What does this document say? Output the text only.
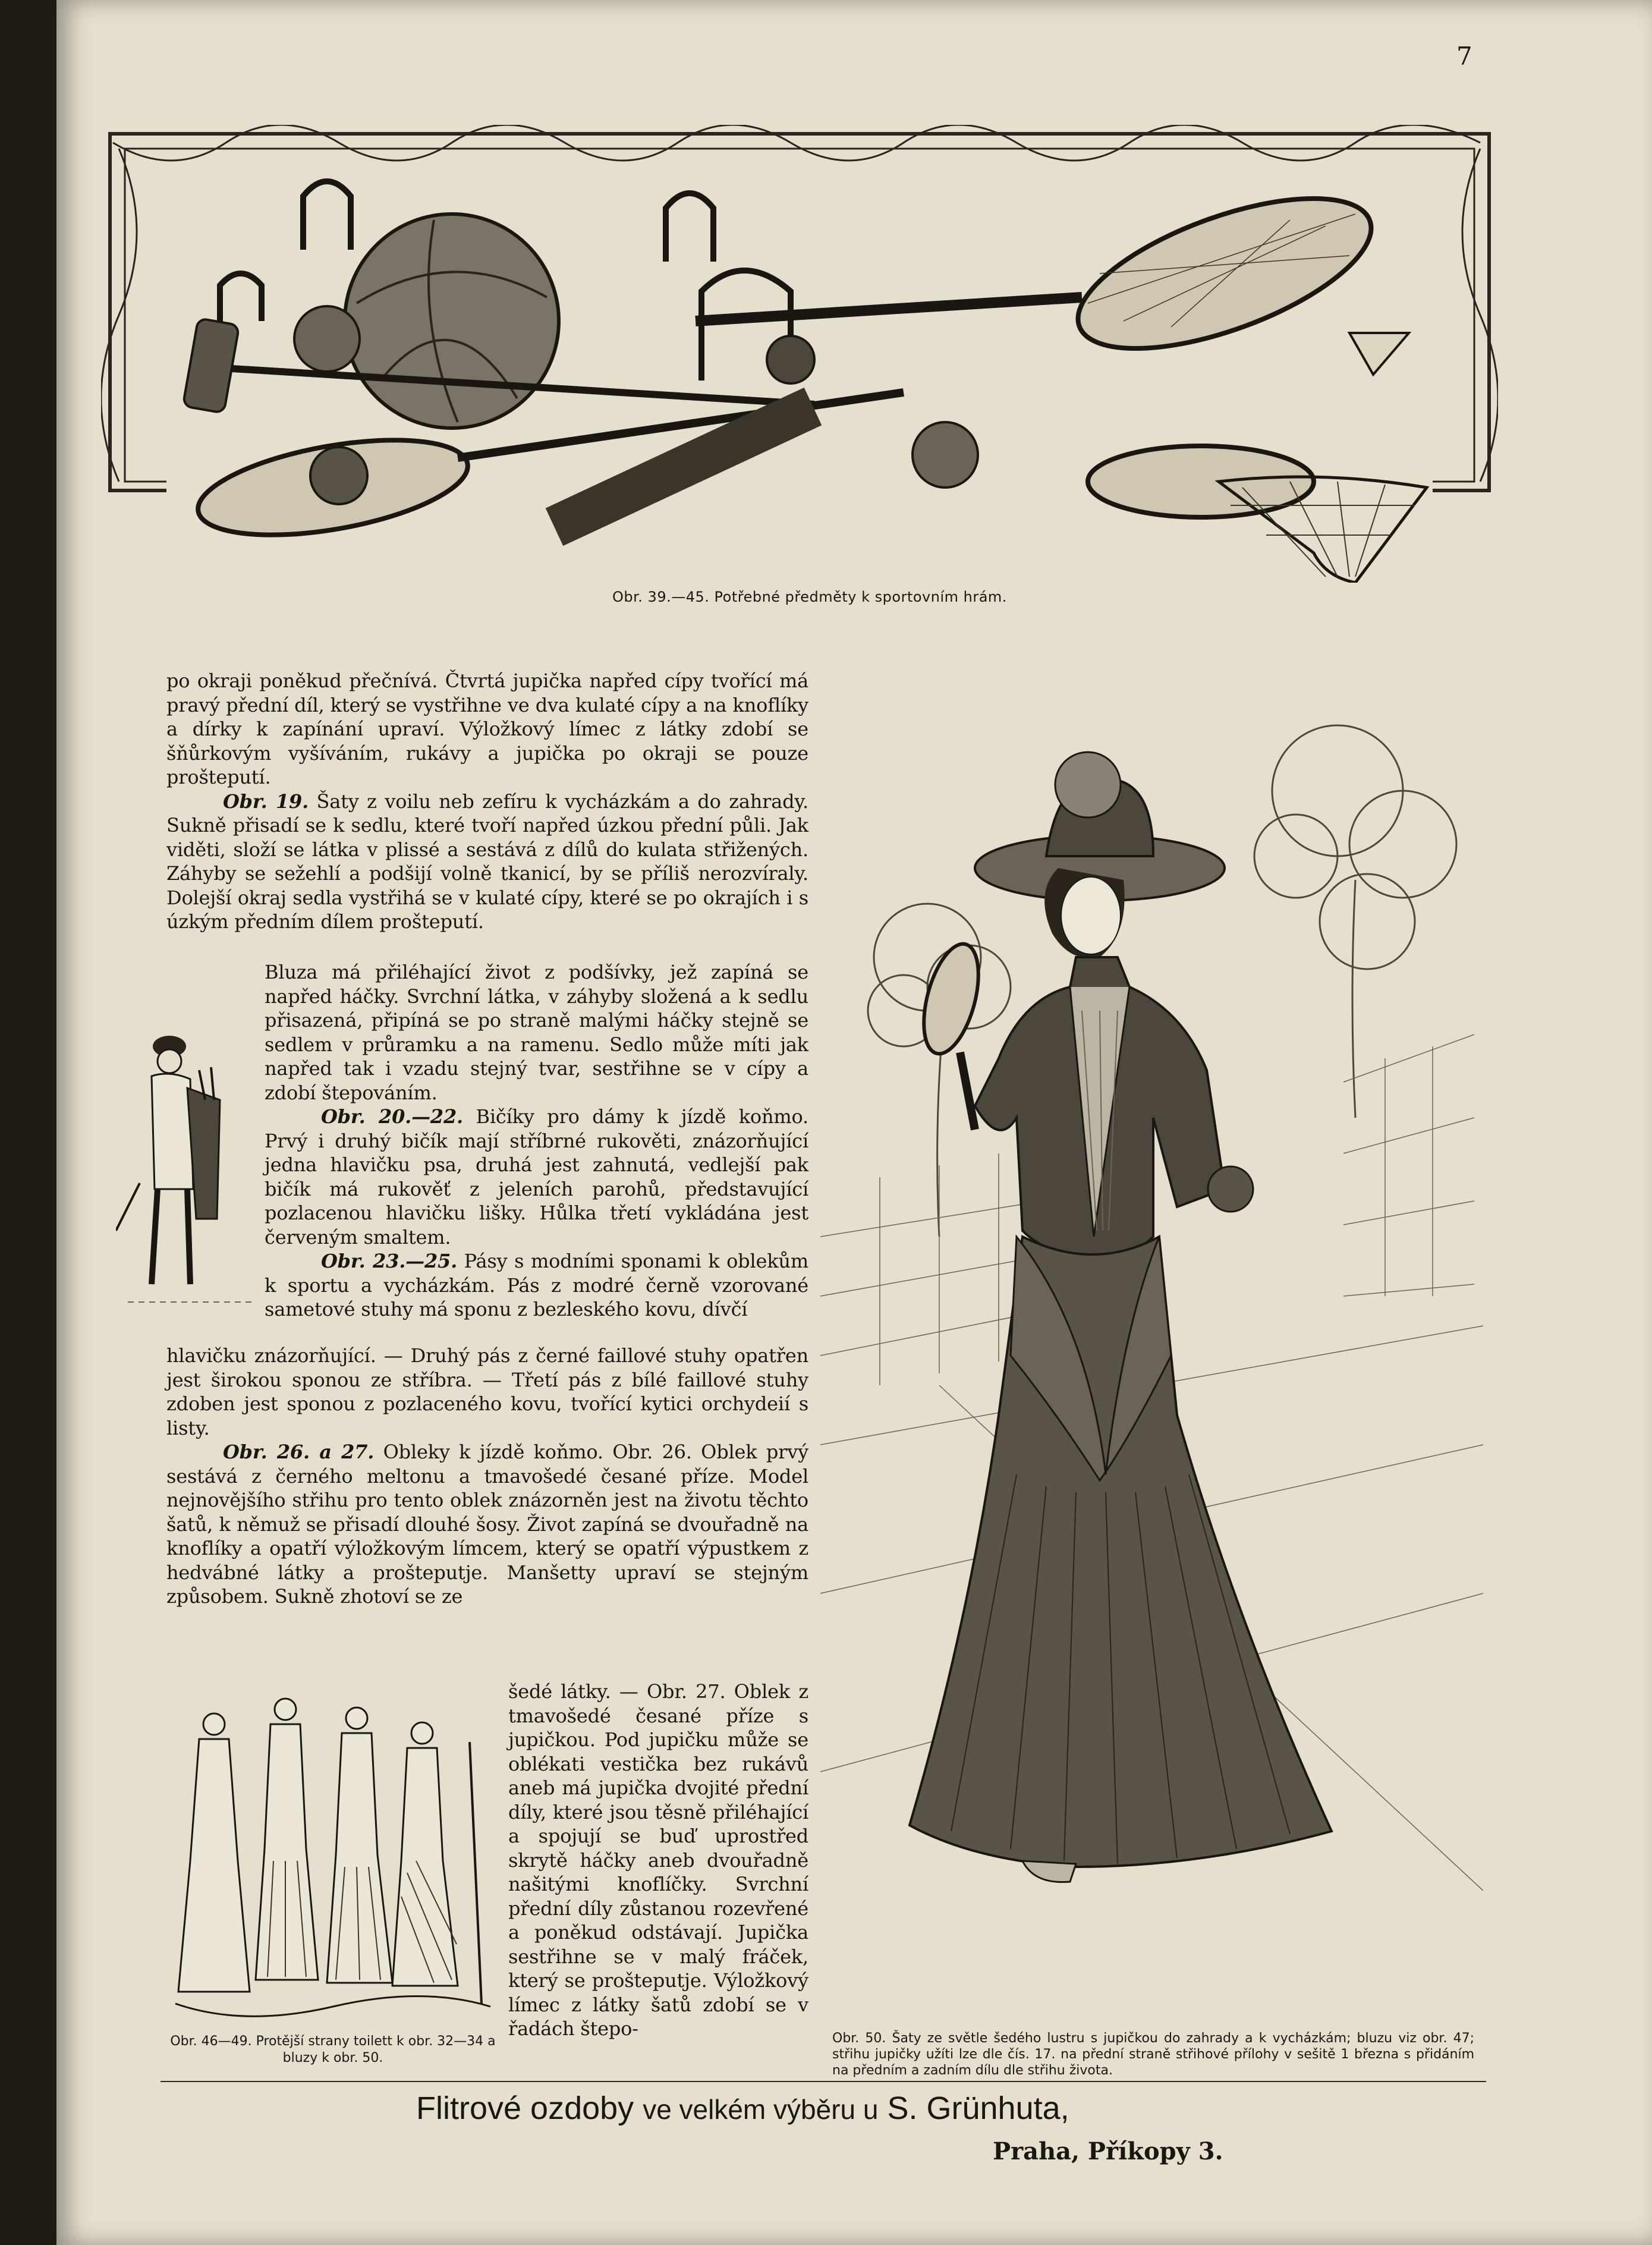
7
Obr. 39.—45. Potřebné předměty k sportovním hrám.

po okraji poněkud přečnívá. Čtvrtá jupička napřed cípy tvořící má pravý přední díl, který se vystřihne ve dva kulaté cípy a na knoflíky a dírky k zapínání upraví. Výložkový límec z látky zdobí se šňůrkovým vyšíváním, rukávy a jupička po okraji se pouze prošteputí.

Obr. 19. Šaty z voilu neb zefíru k vycházkám a do zahrady. Sukně přisadí se k sedlu, které tvoří napřed úzkou přední půli. Jak viděti, složí se látka v plissé a sestává z dílů do kulata střižených. Záhyby se sežehlí a podšijí volně tkanicí, by se příliš nerozvíraly. Dolejší okraj sedla vystřihá se v kulaté cípy, které se po okrajích i s úzkým předním dílem prošteputí.

Bluza má přiléhající život z podšívky, jež zapíná se napřed háčky. Svrchní látka, v záhyby složená a k sedlu přisazená, připíná se po straně malými háčky stejně se sedlem v průramku a na ramenu. Sedlo může míti jak napřed tak i vzadu stejný tvar, sestřihne se v cípy a zdobí štepováním.

Obr. 20.—22. Bičíky pro dámy k jízdě koňmo. Prvý i druhý bičík mají stříbrné rukověti, znázorňující jedna hlavičku psa, druhá jest zahnutá, vedlejší pak bičík má rukověť z jeleních parohů, představující pozlacenou hlavičku lišky. Hůlka třetí vykládána jest červeným smaltem.

Obr. 23.—25. Pásy s modními sponami k oblekům k sportu a vycházkám. Pás z modré černě vzorované sametové stuhy má sponu z bezleského kovu, dívčí

hlavičku znázorňující. — Druhý pás z černé faillové stuhy opatřen jest širokou sponou ze stříbra. — Třetí pás z bílé faillové stuhy zdoben jest sponou z pozlaceného kovu, tvořící kytici orchydeií s listy.

Obr. 26. a 27. Obleky k jízdě koňmo. Obr. 26. Oblek prvý sestává z černého meltonu a tmavošedé česané příze. Model nejnovějšího střihu pro tento oblek znázorněn jest na životu těchto šatů, k němuž se přisadí dlouhé šosy. Život zapíná se dvouřadně na knoflíky a opatří výložkovým límcem, který se opatří výpustkem z hedvábné látky a prošteputje. Manšetty upraví se stejným způsobem. Sukně zhotoví se ze

šedé látky. — Obr. 27. Oblek z tmavošedé česané příze s jupičkou. Pod jupičku může se oblékati vestička bez rukávů aneb má jupička dvojité přední díly, které jsou těsně přiléhající a spojují se buď uprostřed skrytě háčky aneb dvouřadně našitými knoflíčky. Svrchní přední díly zůstanou rozevřené a poněkud odstávají. Jupička sestřihne se v malý fráček, který se prošteputje. Výložkový límec z látky šatů zdobí se v řadách štepo-

Obr. 46—49. Protější strany toilett k obr. 32—34 a bluzy k obr. 50.
Obr. 50. Šaty ze světle šedého lustru s jupičkou do zahrady a k vycházkám; bluzu viz obr. 47; střihu jupičky užíti lze dle čís. 17. na přední straně střihové přílohy v sešitě 1 března s přidáním na předním a zadním dílu dle střihu života.
Flitrové ozdoby ve velkém výběru u S. Grünhuta,
Praha, Příkopy 3.
